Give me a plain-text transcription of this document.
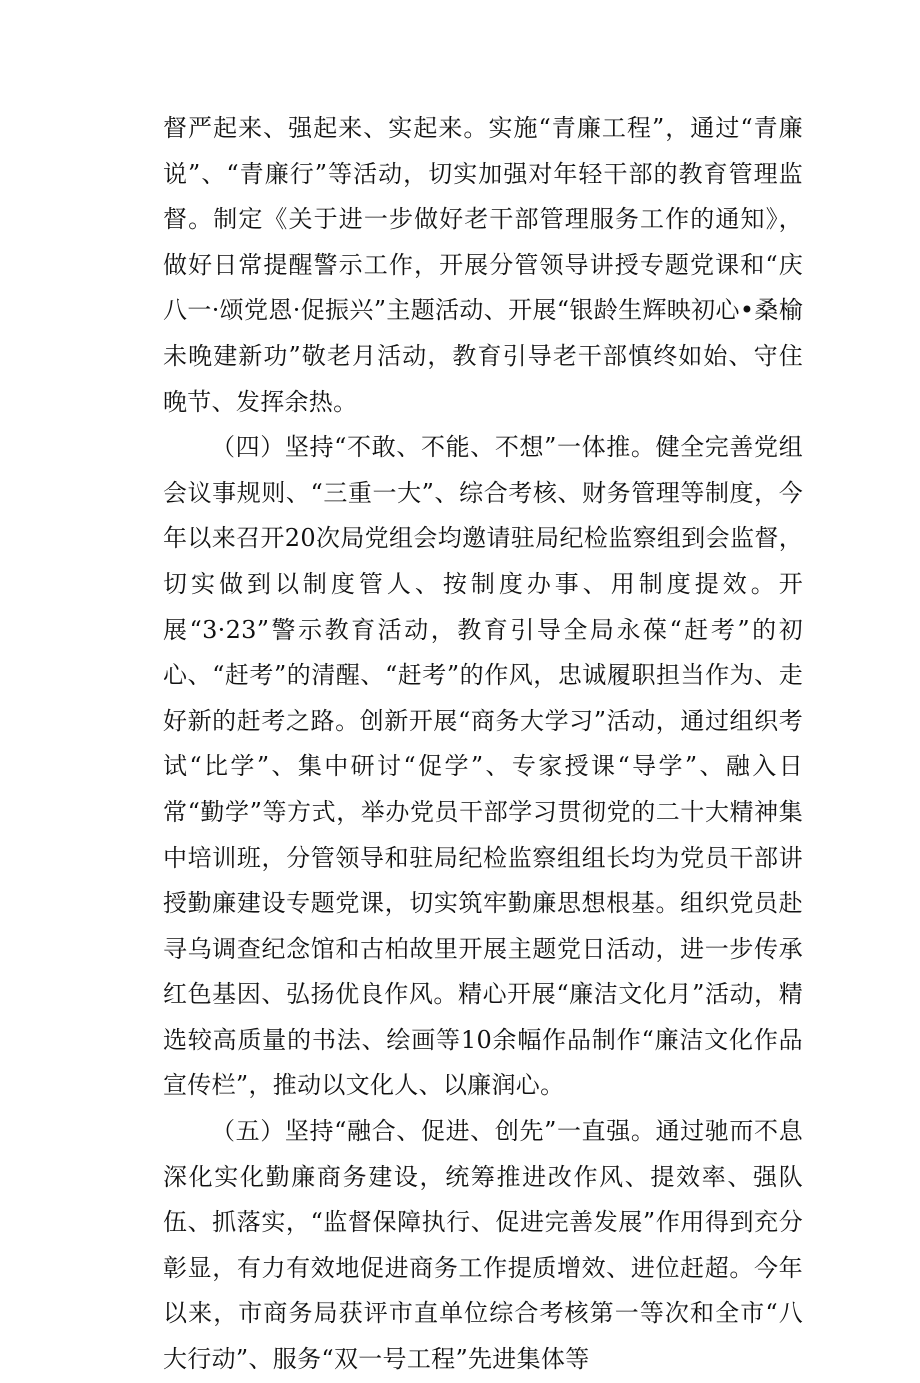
督严起来、强起来、实起来。实施“青廉工程”，通过“青廉说”、“青廉行”等活动，切实加强对年轻干部的教育管理监督。制定《关于进一步做好老干部管理服务工作的通知》，做好日常提醒警示工作，开展分管领导讲授专题党课和“庆八一·颂党恩·促振兴”主题活动、开展“银龄生辉映初心•桑榆未晚建新功”敬老月活动，教育引导老干部慎终如始、守住晚节、发挥余热。

（四）坚持“不敢、不能、不想”一体推。健全完善党组会议事规则、“三重一大”、综合考核、财务管理等制度，今年以来召开20次局党组会均邀请驻局纪检监察组到会监督，切实做到以制度管人、按制度办事、用制度提效。开展“3·23”警示教育活动，教育引导全局永葆“赶考”的初心、“赶考”的清醒、“赶考”的作风，忠诚履职担当作为、走好新的赶考之路。创新开展“商务大学习”活动，通过组织考试“比学”、集中研讨“促学”、专家授课“导学”、融入日常“勤学”等方式，举办党员干部学习贯彻党的二十大精神集中培训班，分管领导和驻局纪检监察组组长均为党员干部讲授勤廉建设专题党课，切实筑牢勤廉思想根基。组织党员赴寻乌调查纪念馆和古柏故里开展主题党日活动，进一步传承红色基因、弘扬优良作风。精心开展“廉洁文化月”活动，精选较高质量的书法、绘画等10余幅作品制作“廉洁文化作品宣传栏”，推动以文化人、以廉润心。

（五）坚持“融合、促进、创先”一直强。通过驰而不息深化实化勤廉商务建设，统筹推进改作风、提效率、强队伍、抓落实，“监督保障执行、促进完善发展”作用得到充分彰显，有力有效地促进商务工作提质增效、进位赶超。今年以来，市商务局获评市直单位综合考核第一等次和全市“八大行动”、服务“双一号工程”先进集体等
